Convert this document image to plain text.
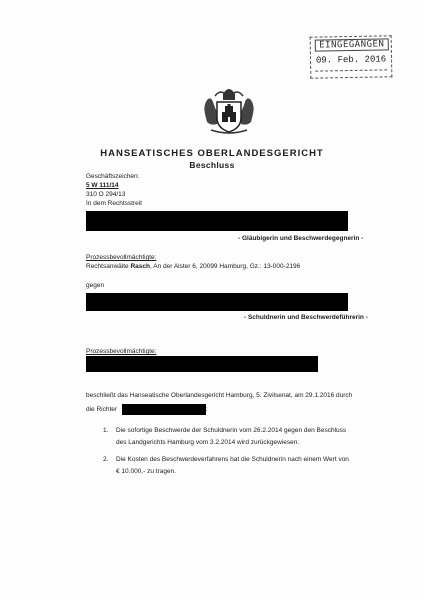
EINGEGANGEN
09. Feb. 2016
HANSEATISCHES OBERLANDESGERICHT
Beschluss
Geschäftszeichen:
5 W 111/14
310 O 294/13
In dem Rechtsstreit
- Gläubigerin und Beschwerdegegnerin -
Prozessbevollmächtigte:
Rechtsanwälte Rasch, An der Alster 6, 20099 Hamburg, Gz.: 13-000-2196
gegen
- Schuldnerin und Beschwerdeführerin -
Prozessbevollmächtigte:
beschließt das Hanseatische Oberlandesgericht Hamburg, 5. Zivilsenat, am 29.1.2016 durch
die Richter	:
1. Die sofortige Beschwerde der Schuldnerin vom 26.2.2014 gegen den Beschluss
des Landgerichts Hamburg vom 3.2.2014 wird zurückgewiesen.
2. Die Kosten des Beschwerdeverfahrens hat die Schuldnerin nach einem Wert von
€ 10.000,- zu tragen.
